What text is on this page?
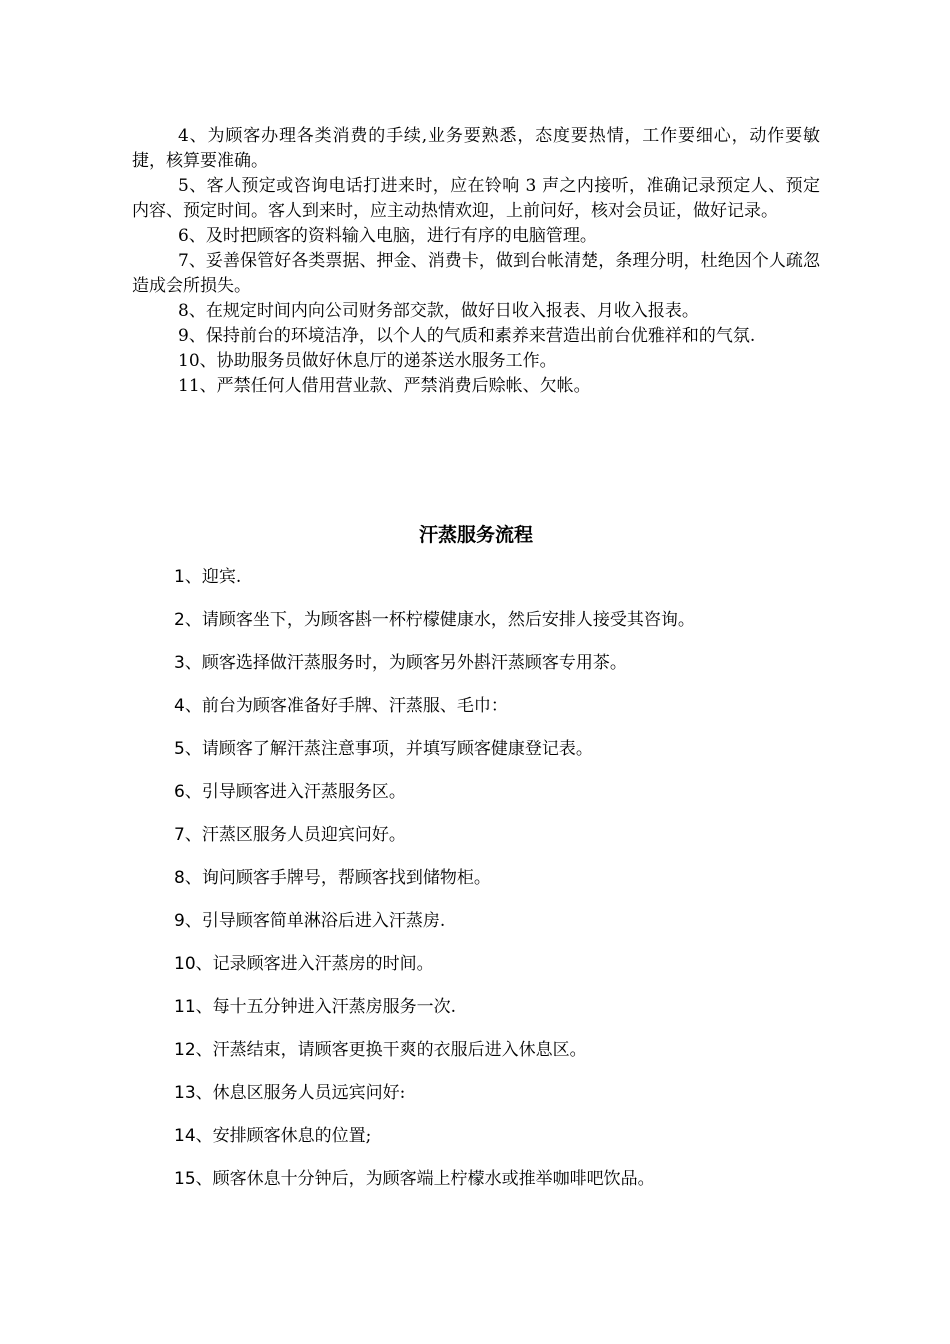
4、为顾客办理各类消费的手续,业务要熟悉，态度要热情，工作要细心，动作要敏捷，核算要准确。

5、客人预定或咨询电话打进来时，应在铃响 3 声之内接听，准确记录预定人、预定内容、预定时间。客人到来时，应主动热情欢迎，上前问好，核对会员证，做好记录。

6、及时把顾客的资料输入电脑，进行有序的电脑管理。

7、妥善保管好各类票据、押金、消费卡，做到台帐清楚，条理分明，杜绝因个人疏忽造成会所损失。

8、在规定时间内向公司财务部交款，做好日收入报表、月收入报表。

9、保持前台的环境洁净，以个人的气质和素养来营造出前台优雅祥和的气氛.

10、协助服务员做好休息厅的递茶送水服务工作。

11、严禁任何人借用营业款、严禁消费后赊帐、欠帐。

汗蒸服务流程
1、迎宾.
2、请顾客坐下，为顾客斟一杯柠檬健康水，然后安排人接受其咨询。
3、顾客选择做汗蒸服务时，为顾客另外斟汗蒸顾客专用茶。
4、前台为顾客准备好手牌、汗蒸服、毛巾：
5、请顾客了解汗蒸注意事项，并填写顾客健康登记表。
6、引导顾客进入汗蒸服务区。
7、汗蒸区服务人员迎宾问好。
8、询问顾客手牌号，帮顾客找到储物柜。
9、引导顾客简单淋浴后进入汗蒸房.
10、记录顾客进入汗蒸房的时间。
11、每十五分钟进入汗蒸房服务一次.
12、汗蒸结束，请顾客更换干爽的衣服后进入休息区。
13、休息区服务人员远宾问好:
14、安排顾客休息的位置;
15、顾客休息十分钟后，为顾客端上柠檬水或推举咖啡吧饮品。
